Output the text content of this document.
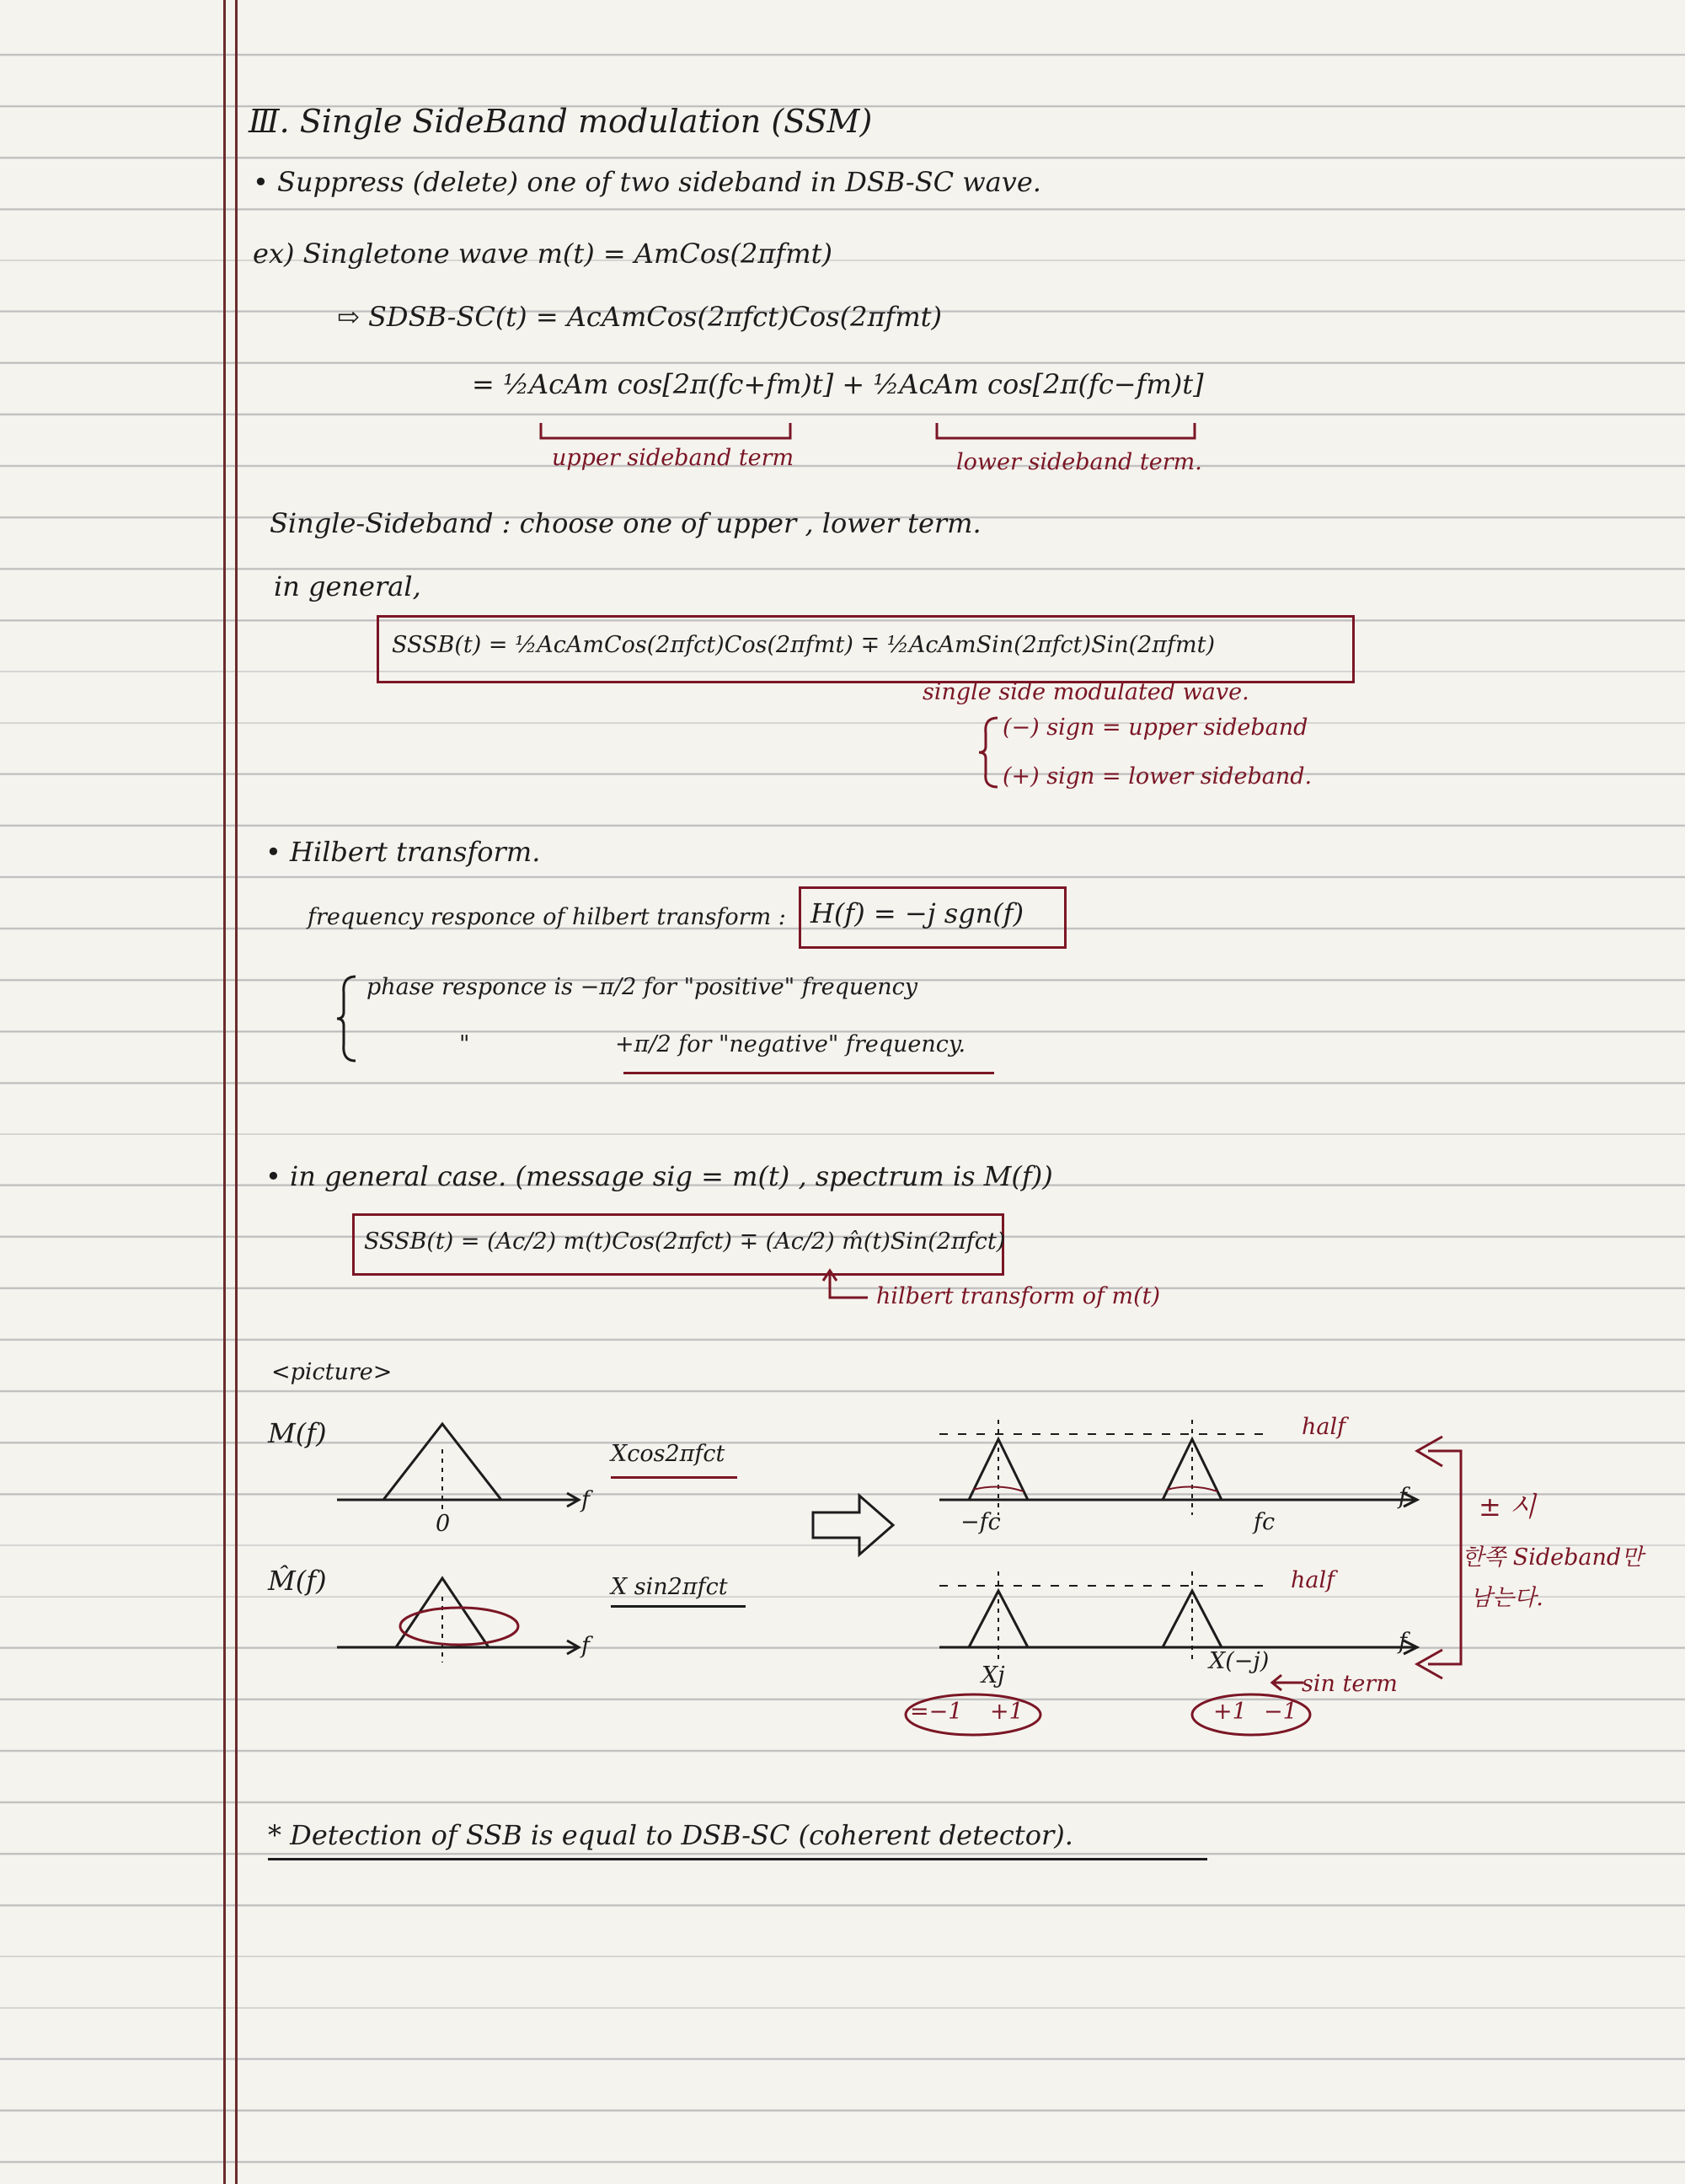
Ⅲ. Single SideBand modulation (SSM)
• Suppress (delete) one of two sideband in DSB-SC wave.
ex) Singletone wave m(t) = AmCos(2πfmt)
⇨ SDSB-SC(t) = AcAmCos(2πfct)Cos(2πfmt)
= ½AcAm cos[2π(fc+fm)t] + ½AcAm cos[2π(fc−fm)t]
upper sideband term	lower sideband term.
Single-Sideband : choose one of upper , lower term.
in general,
SSSB(t) = ½AcAmCos(2πfct)Cos(2πfmt) ∓ ½AcAmSin(2πfct)Sin(2πfmt)
single side modulated wave.
(−) sign = upper sideband
(+) sign = lower sideband.
• Hilbert transform.
frequency responce of hilbert transform : H(f) = −j sgn(f)
phase responce is −π/2 for "positive" frequency
"	+π/2 for "negative" frequency.
• in general case. (message sig = m(t) , spectrum is M(f))
SSSB(t) = (Ac/2) m(t)Cos(2πfct) ∓ (Ac/2) m̂(t)Sin(2πfct)
hilbert transform of m(t)
<picture>
M(f)
M̂(f)
f
0
f
Xcos2πfct
X sin2πfct
−fc	fc
f
half
f
half
Xj
X(−j)
sin term
=−1 +1	+1 −1
± 시
한쪽 Sideband만
남는다.
* Detection of SSB is equal to DSB-SC (coherent detector).
